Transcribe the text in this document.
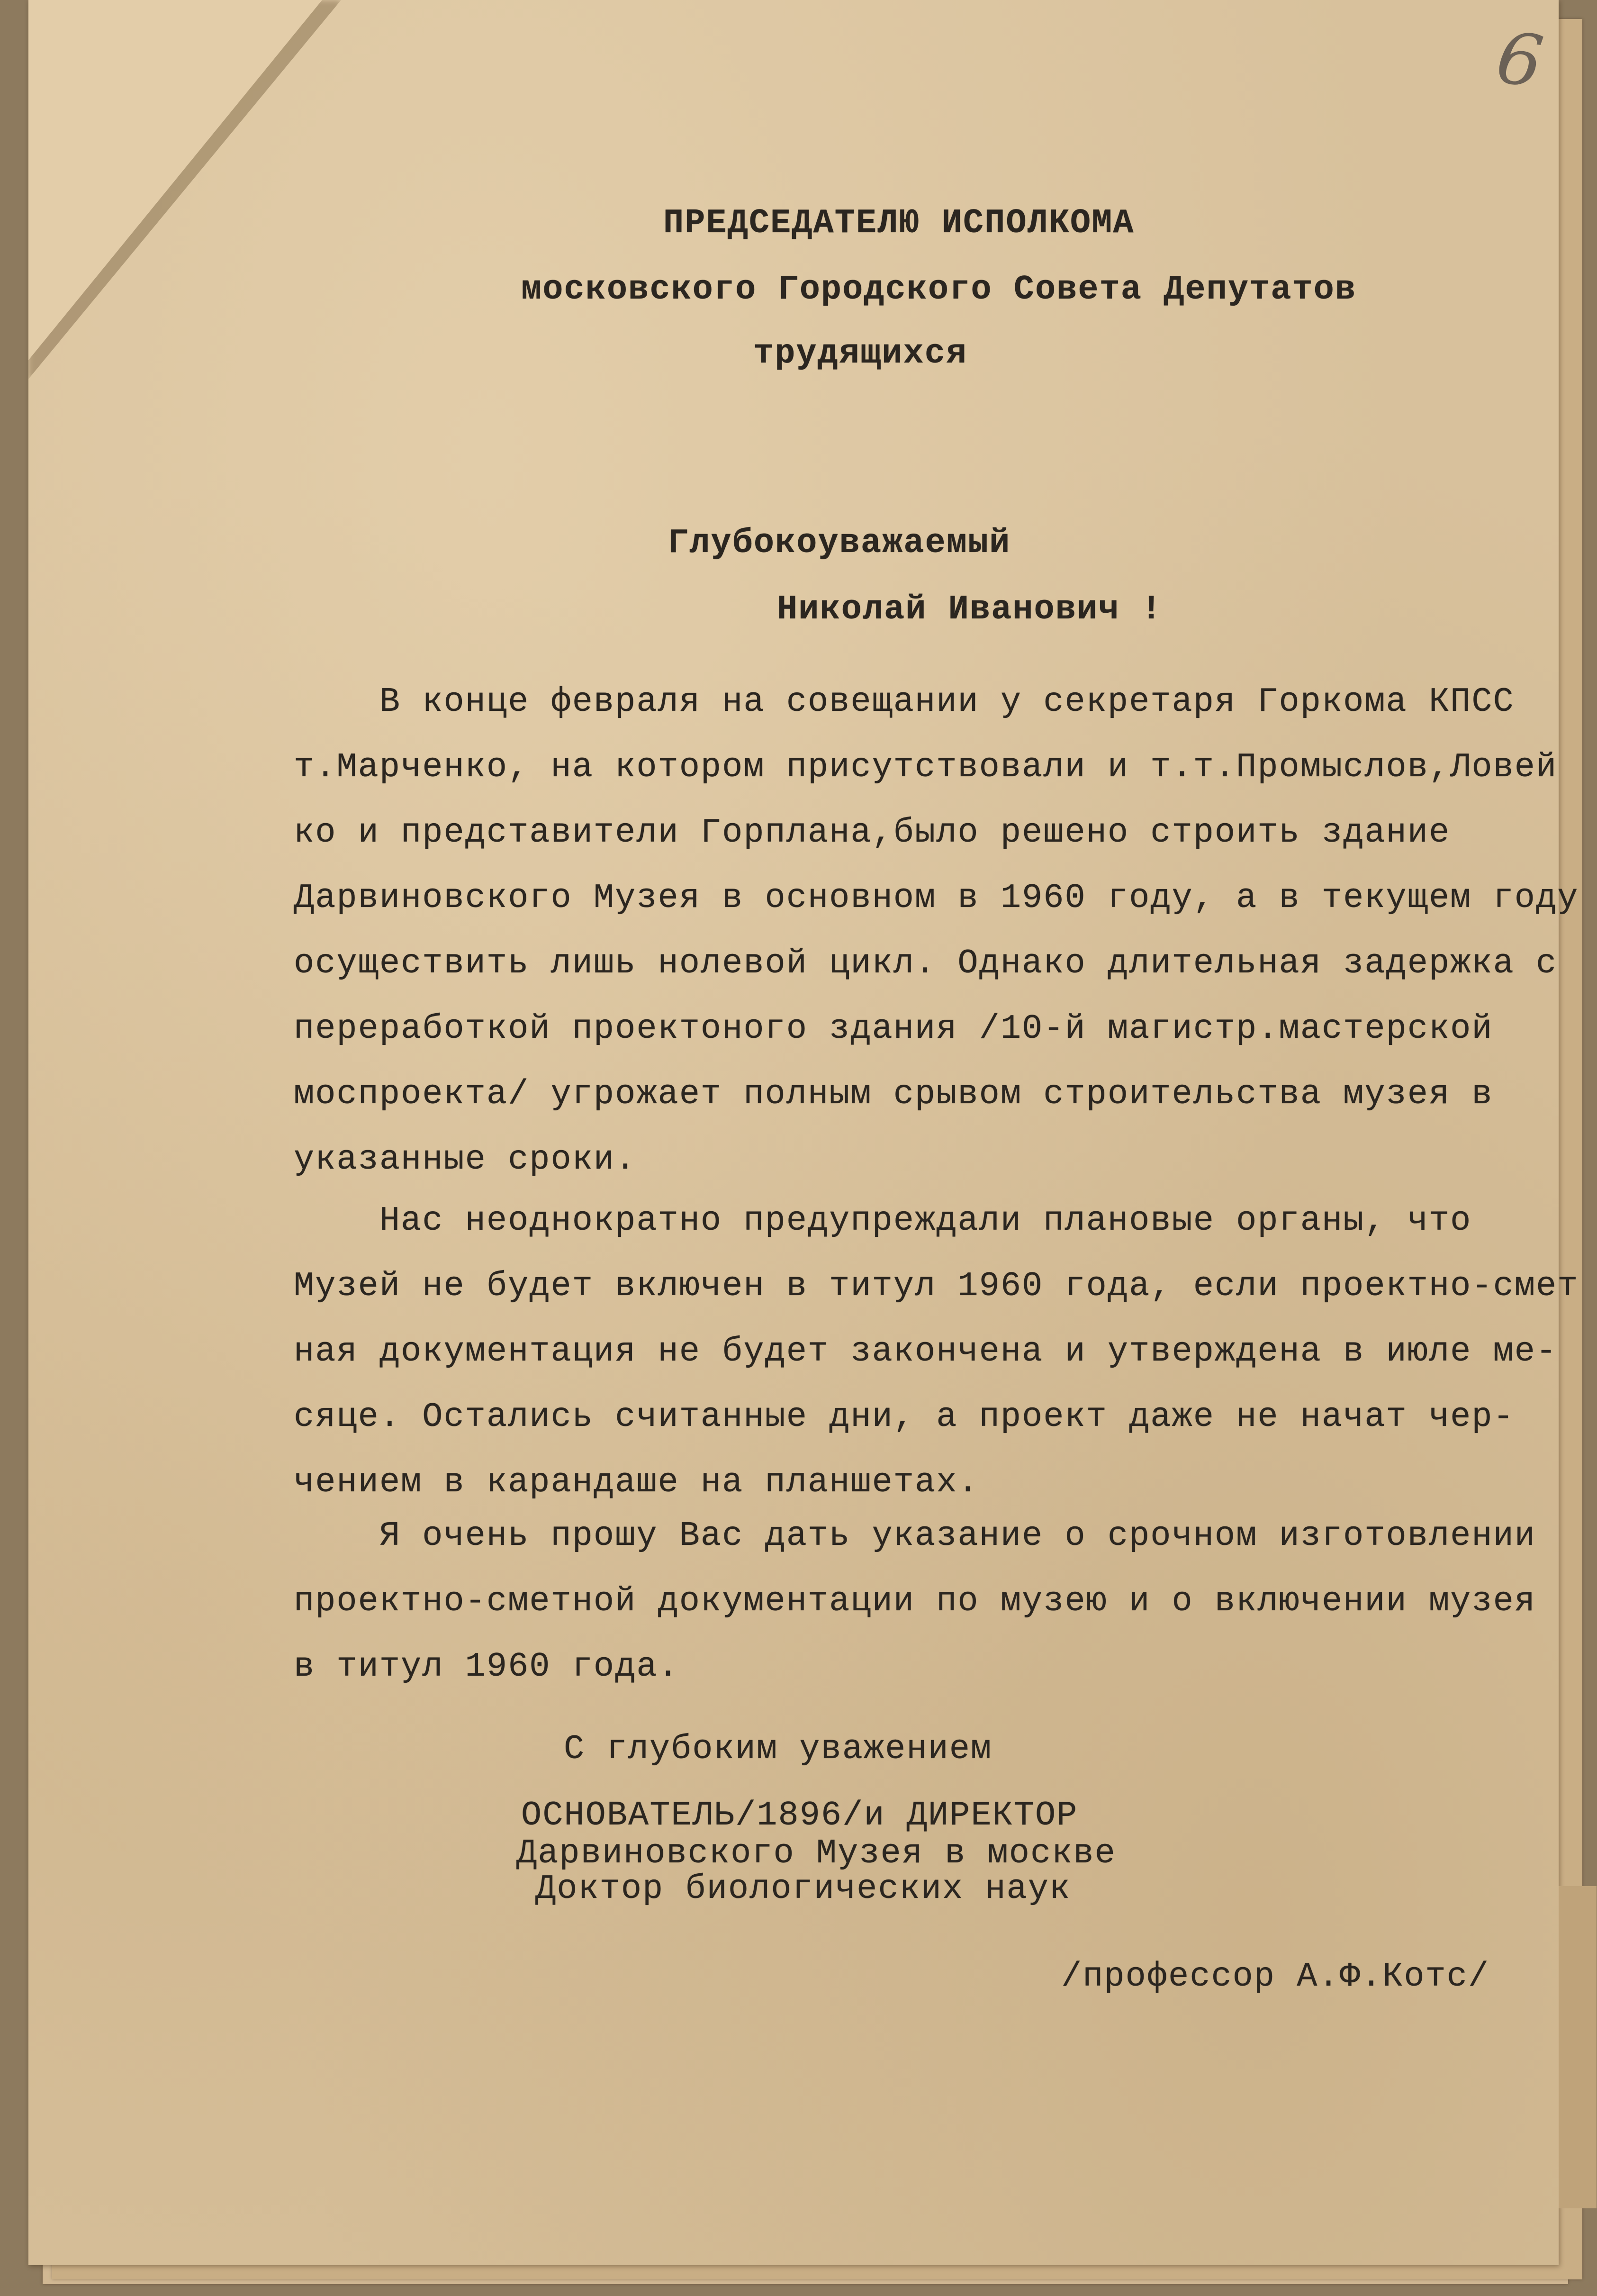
6
ПРЕДСЕДАТЕЛЮ ИСПОЛКОМА
московского Городского Совета Депутатов
трудящихся
Глубокоуважаемый
Николай Иванович !
В конце февраля на совещании у секретаря Горкома КПСС
т.Марченко, на котором присутствовали и т.т.Промыслов,Ловей
ко и представители Горплана,было решено строить здание
Дарвиновского Музея в основном в 1960 году, а в текущем году
осуществить лишь нолевой цикл. Однако длительная задержка с
переработкой проектоного здания /10-й магистр.мастерской
моспроекта/ угрожает полным срывом строительства музея в
указанные сроки.
Нас неоднократно предупреждали плановые органы, что
Музей не будет включен в титул 1960 года, если проектно-смет
ная документация не будет закончена и утверждена в июле ме-
сяце. Остались считанные дни, а проект даже не начат чер-
чением в карандаше на планшетах.
Я очень прошу Вас дать указание о срочном изготовлении
проектно-сметной документации по музею и о включении музея
в титул 1960 года.
С глубоким уважением
ОСНОВАТЕЛЬ/1896/и ДИРЕКТОР
Дарвиновского Музея в москве
Доктор биологических наук
/профессор А.Ф.Котс/
